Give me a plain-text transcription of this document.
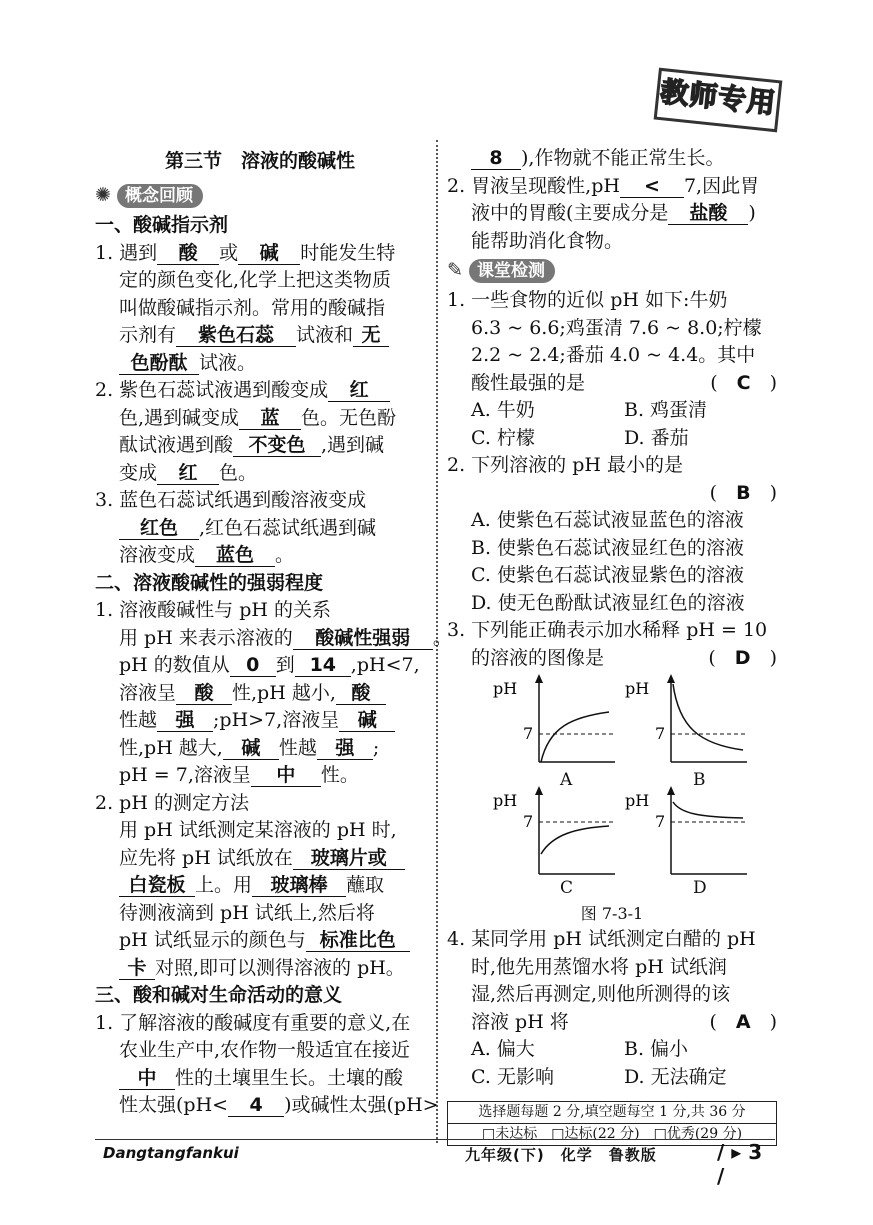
教师专用
第三节　溶液的酸碱性
✺ 概念回顾
一、酸碱指示剂
1. 遇到 酸 或 碱 时能发生特
定的颜色变化,化学上把这类物质
叫做酸碱指示剂。常用的酸碱指
示剂有 紫色石蕊 试液和 无
色酚酞 试液。
2. 紫色石蕊试液遇到酸变成 红
色,遇到碱变成 蓝 色。无色酚
酞试液遇到酸 不变色 ,遇到碱
变成 红 色。
3. 蓝色石蕊试纸遇到酸溶液变成
红色 ,红色石蕊试纸遇到碱
溶液变成 蓝色 。
二、溶液酸碱性的强弱程度
1. 溶液酸碱性与 pH 的关系
用 pH 来表示溶液的 酸碱性强弱 。
pH 的数值从 0 到 14 ,pH<7,
溶液呈 酸 性,pH 越小, 酸
性越 强 ;pH>7,溶液呈 碱
性,pH 越大, 碱 性越 强 ;
pH = 7,溶液呈 中 性。
2. pH 的测定方法
用 pH 试纸测定某溶液的 pH 时,
应先将 pH 试纸放在 玻璃片或
白瓷板 上。用 玻璃棒 蘸取
待测液滴到 pH 试纸上,然后将
pH 试纸显示的颜色与 标准比色
卡 对照,即可以测得溶液的 pH。
三、酸和碱对生命活动的意义
1. 了解溶液的酸碱度有重要的意义,在
农业生产中,农作物一般适宜在接近
中 性的土壤里生长。土壤的酸
性太强(pH< 4 )或碱性太强(pH>
8 ),作物就不能正常生长。
2. 胃液呈现酸性,pH < 7,因此胃
液中的胃酸(主要成分是 盐酸 )
能帮助消化食物。
✎ 课堂检测
1. 一些食物的近似 pH 如下:牛奶
6.3 ~ 6.6;鸡蛋清 7.6 ~ 8.0;柠檬
2.2 ~ 2.4;番茄 4.0 ~ 4.4。其中
酸性最强的是	(　C　)
A. 牛奶	B. 鸡蛋清
C. 柠檬	D. 番茄
2. 下列溶液的 pH 最小的是
(　B　)
A. 使紫色石蕊试液显蓝色的溶液
B. 使紫色石蕊试液显红色的溶液
C. 使紫色石蕊试液显紫色的溶液
D. 使无色酚酞试液显红色的溶液
3. 下列能正确表示加水稀释 pH = 10
的溶液的图像是	(　D　)
pH
7
A
pH
7
B
pH
7
C
pH
7
D
图 7-3-1
4. 某同学用 pH 试纸测定白醋的 pH
时,他先用蒸馏水将 pH 试纸润
湿,然后再测定,则他所测得的该
溶液 pH 将	(　A　)
A. 偏大	B. 偏小
C. 无影响	D. 无法确定
选择题每题 2 分,填空题每空 1 分,共 36 分
□未达标　□达标(22 分)　□优秀(29 分)
Dangtangfankui	九年级(下)　化学　鲁教版	/ ▸ 3 /
